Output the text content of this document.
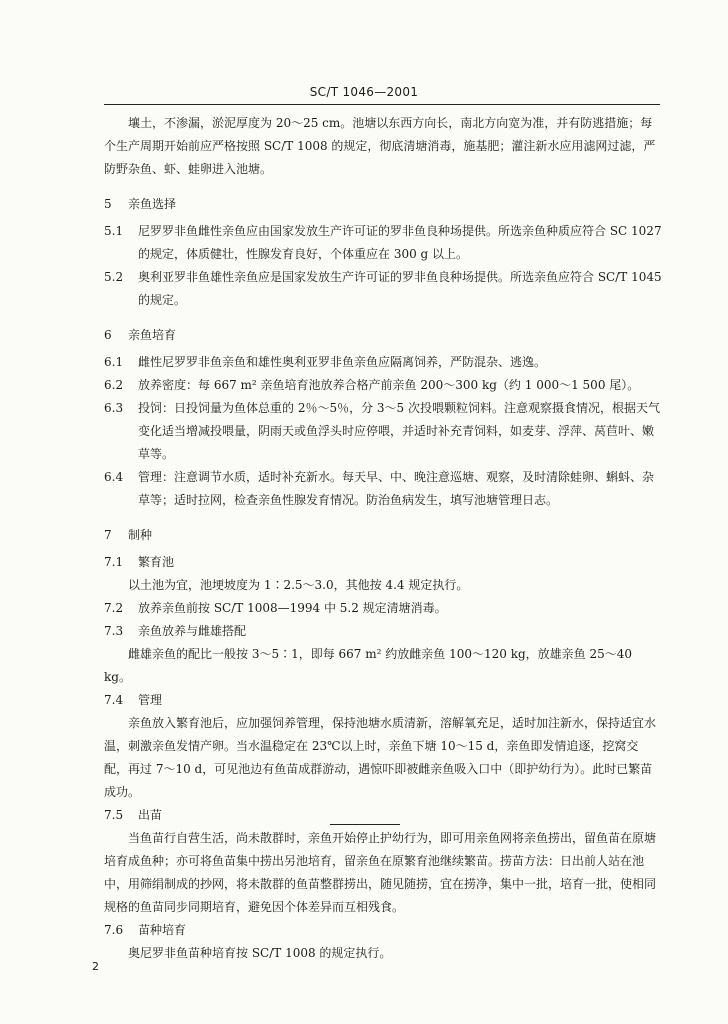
SC/T 1046—2001

壤土，不渗漏，淤泥厚度为 20～25 cm。池塘以东西方向长，南北方向宽为准，并有防逃措施；每个生产周期开始前应严格按照 SC/T 1008 的规定，彻底清塘消毒，施基肥；灌注新水应用滤网过滤，严防野杂鱼、虾、蛙卵进入池塘。

5 亲鱼选择

5.1	尼罗罗非鱼雌性亲鱼应由国家发放生产许可证的罗非鱼良种场提供。所选亲鱼种质应符合 SC 1027 的规定，体质健壮，性腺发育良好，个体重应在 300 g 以上。
5.2	奥利亚罗非鱼雄性亲鱼应是国家发放生产许可证的罗非鱼良种场提供。所选亲鱼应符合 SC/T 1045 的规定。

6 亲鱼培育

6.1	雌性尼罗罗非鱼亲鱼和雄性奥利亚罗非鱼亲鱼应隔离饲养，严防混杂、逃逸。
6.2	放养密度：每 667 m² 亲鱼培育池放养合格产前亲鱼 200～300 kg（约 1 000～1 500 尾）。
6.3	投饲：日投饲量为鱼体总重的 2％～5％，分 3～5 次投喂颗粒饲料。注意观察摄食情况，根据天气变化适当增减投喂量，阴雨天或鱼浮头时应停喂，并适时补充青饲料，如麦芽、浮萍、莴苣叶、嫩草等。
6.4	管理：注意调节水质，适时补充新水。每天早、中、晚注意巡塘、观察，及时清除蛙卵、蝌蚪、杂草等；适时拉网，检查亲鱼性腺发育情况。防治鱼病发生，填写池塘管理日志。

7 制种

7.1	繁育池

以土池为宜，池埂坡度为 1∶2.5～3.0，其他按 4.4 规定执行。

7.2	放养亲鱼前按 SC/T 1008—1994 中 5.2 规定清塘消毒。
7.3	亲鱼放养与雌雄搭配

雌雄亲鱼的配比一般按 3～5∶1，即每 667 m² 约放雌亲鱼 100～120 kg，放雄亲鱼 25～40 kg。

7.4	管理

亲鱼放入繁育池后，应加强饲养管理，保持池塘水质清新，溶解氧充足，适时加注新水，保持适宜水温，刺激亲鱼发情产卵。当水温稳定在 23℃以上时，亲鱼下塘 10～15 d，亲鱼即发情追逐，挖窝交配，再过 7～10 d，可见池边有鱼苗成群游动，遇惊吓即被雌亲鱼吸入口中（即护幼行为）。此时已繁苗成功。

7.5	出苗

当鱼苗行自营生活，尚未散群时，亲鱼开始停止护幼行为，即可用亲鱼网将亲鱼捞出，留鱼苗在原塘培育成鱼种；亦可将鱼苗集中捞出另池培育，留亲鱼在原繁育池继续繁苗。捞苗方法：日出前人站在池中，用筛绢制成的抄网，将未散群的鱼苗整群捞出，随见随捞，宜在捞净，集中一批，培育一批，使相同规格的鱼苗同步同期培育，避免因个体差异而互相残食。

7.6	苗种培育

奥尼罗非鱼苗种培育按 SC/T 1008 的规定执行。

2
